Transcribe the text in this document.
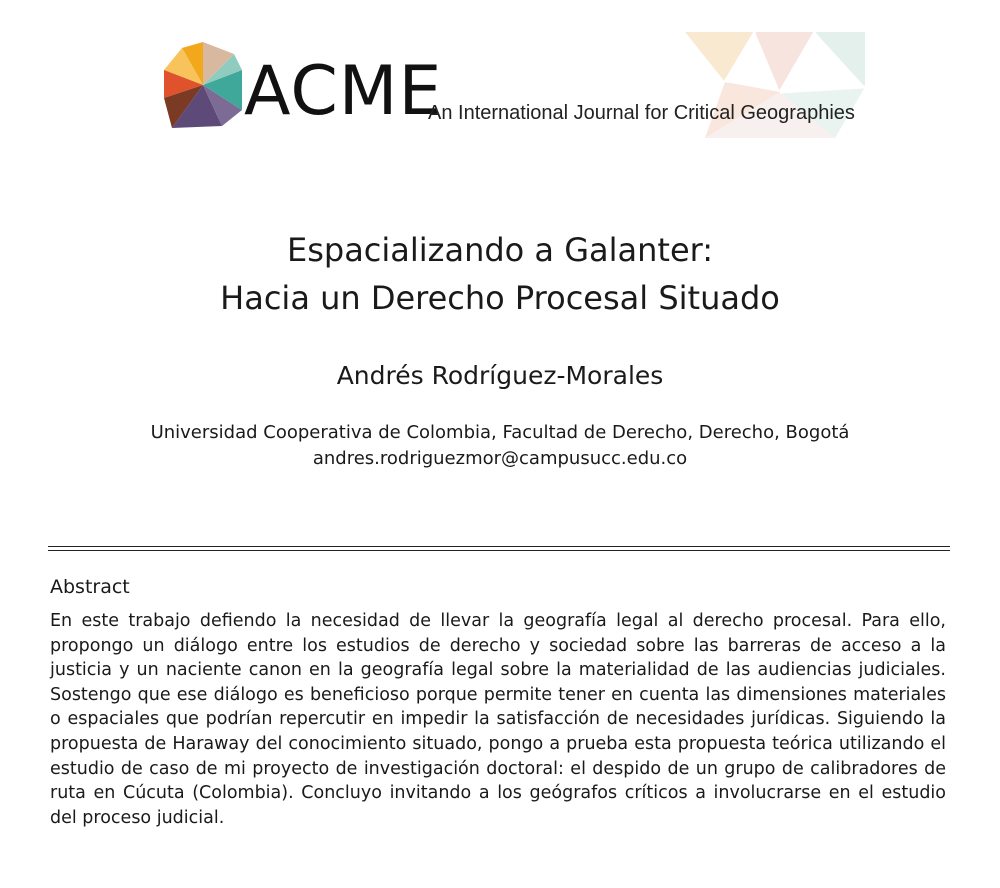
ACME

An International Journal for Critical Geographies

Espacializando a Galanter:
Hacia un Derecho Procesal Situado
Andrés Rodríguez-Morales
Universidad Cooperativa de Colombia, Facultad de Derecho, Derecho, Bogotá
andres.rodriguezmor@campusucc.edu.co
Abstract

En este trabajo defiendo la necesidad de llevar la geografía legal al derecho procesal. Para ello, propongo un diálogo entre los estudios de derecho y sociedad sobre las barreras de acceso a la justicia y un naciente canon en la geografía legal sobre la materialidad de las audiencias judiciales. Sostengo que ese diálogo es beneficioso porque permite tener en cuenta las dimensiones materiales o espaciales que podrían repercutir en impedir la satisfacción de necesidades jurídicas. Siguiendo la propuesta de Haraway del conocimiento situado, pongo a prueba esta propuesta teórica utilizando el estudio de caso de mi proyecto de investigación doctoral: el despido de un grupo de calibradores de ruta en Cúcuta (Colombia). Concluyo invitando a los geógrafos críticos a involucrarse en el estudio del proceso judicial.
